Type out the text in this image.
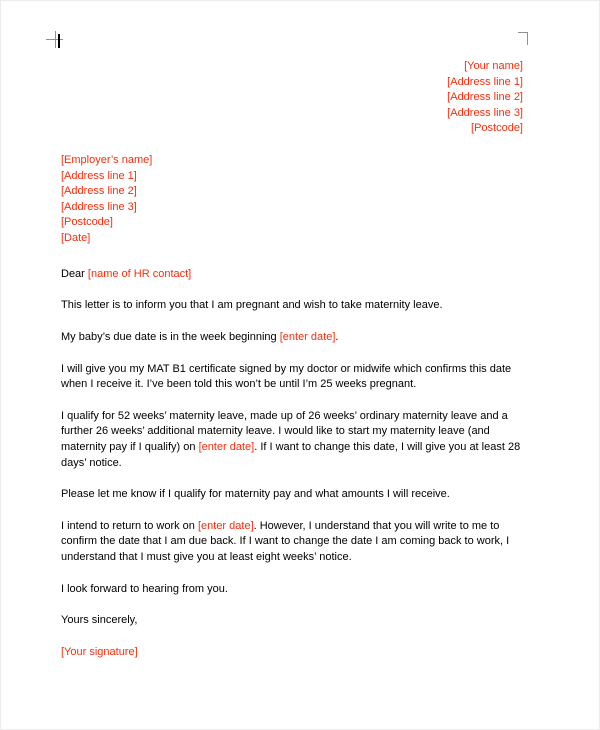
[Your name]
[Address line 1]
[Address line 2]
[Address line 3]
[Postcode]
[Employer’s name]
[Address line 1]
[Address line 2]
[Address line 3]
[Postcode]
[Date]

Dear [name of HR contact]

This letter is to inform you that I am pregnant and wish to take maternity leave.

My baby’s due date is in the week beginning [enter date].

I will give you my MAT B1 certificate signed by my doctor or midwife which confirms this date when I receive it. I’ve been told this won’t be until I’m 25 weeks pregnant.

I qualify for 52 weeks’ maternity leave, made up of 26 weeks’ ordinary maternity leave and a further 26 weeks’ additional maternity leave. I would like to start my maternity leave (and maternity pay if I qualify) on [enter date]. If I want to change this date, I will give you at least 28 days’ notice.

Please let me know if I qualify for maternity pay and what amounts I will receive.

I intend to return to work on [enter date]. However, I understand that you will write to me to confirm the date that I am due back. If I want to change the date I am coming back to work, I understand that I must give you at least eight weeks’ notice.

I look forward to hearing from you.

Yours sincerely,

[Your signature]
